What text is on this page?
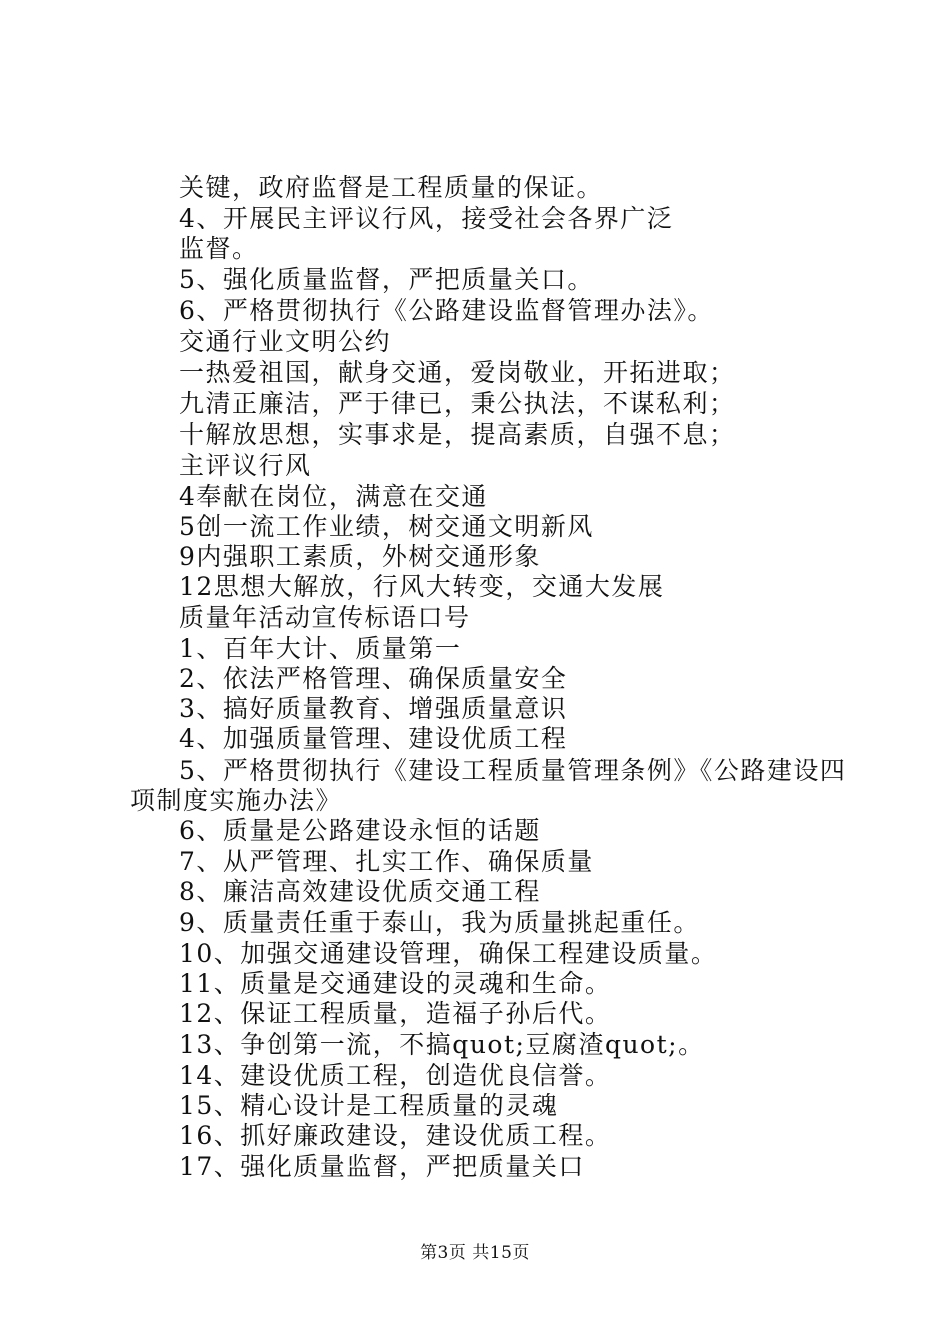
关键，政府监督是工程质量的保证。
4、开展民主评议行风，接受社会各界广泛
监督。
5、强化质量监督，严把质量关口。
6、严格贯彻执行《公路建设监督管理办法》。
交通行业文明公约
一热爱祖国，献身交通，爱岗敬业，开拓进取；
九清正廉洁，严于律已，秉公执法，不谋私利；
十解放思想，实事求是，提高素质，自强不息；
主评议行风
4奉献在岗位，满意在交通
5创一流工作业绩，树交通文明新风
9内强职工素质，外树交通形象
12思想大解放，行风大转变，交通大发展
质量年活动宣传标语口号
1、百年大计、质量第一
2、依法严格管理、确保质量安全
3、搞好质量教育、增强质量意识
4、加强质量管理、建设优质工程
5、严格贯彻执行《建设工程质量管理条例》《公路建设四
项制度实施办法》
6、质量是公路建设永恒的话题
7、从严管理、扎实工作、确保质量
8、廉洁高效建设优质交通工程
9、质量责任重于泰山，我为质量挑起重任。
10、加强交通建设管理，确保工程建设质量。
11、质量是交通建设的灵魂和生命。
12、保证工程质量，造福子孙后代。
13、争创第一流，不搞quot;豆腐渣quot;。
14、建设优质工程，创造优良信誉。
15、精心设计是工程质量的灵魂
16、抓好廉政建设，建设优质工程。
17、强化质量监督，严把质量关口
第3页 共15页
